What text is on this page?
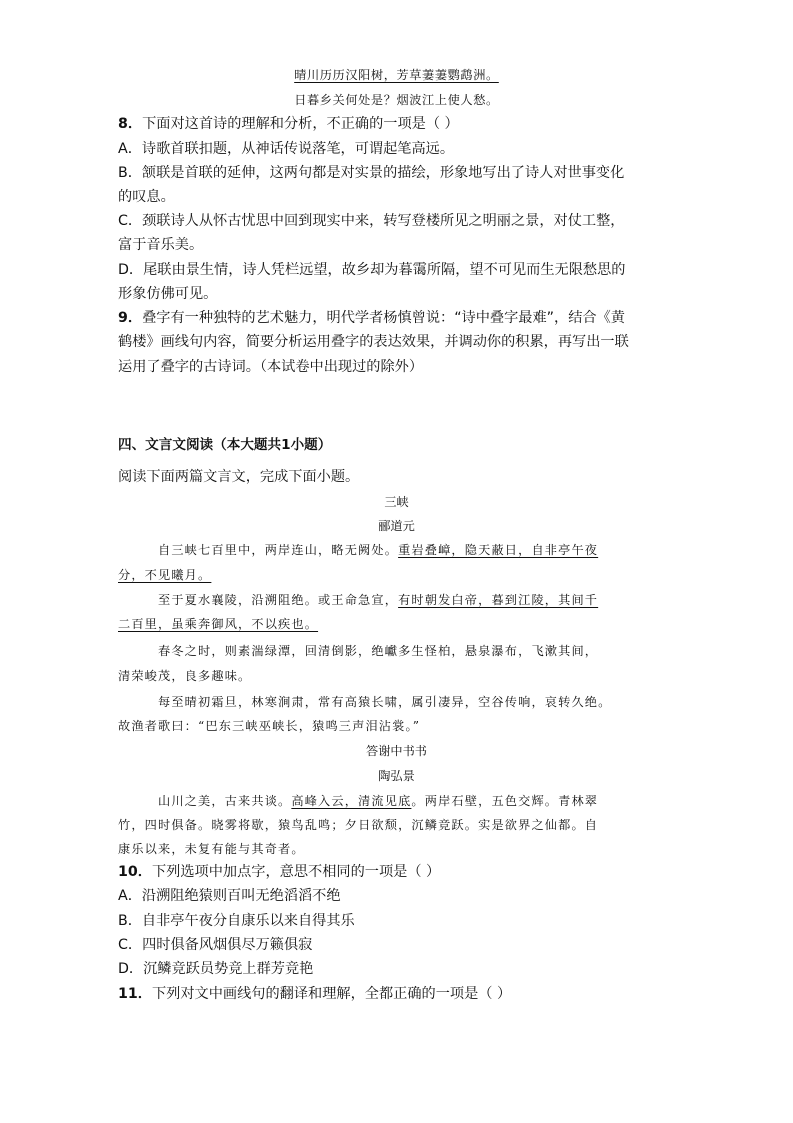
晴川历历汉阳树，芳草萋萋鹦鹉洲。
日暮乡关何处是？烟波江上使人愁。
8．下面对这首诗的理解和分析，不正确的一项是（ ）
A．诗歌首联扣题，从神话传说落笔，可谓起笔高远。
B．颔联是首联的延伸，这两句都是对实景的描绘，形象地写出了诗人对世事变化
的叹息。
C．颈联诗人从怀古忧思中回到现实中来，转写登楼所见之明丽之景，对仗工整，
富于音乐美。
D．尾联由景生情，诗人凭栏远望，故乡却为暮霭所隔，望不可见而生无限愁思的
形象仿佛可见。
9．叠字有一种独特的艺术魅力，明代学者杨慎曾说：“诗中叠字最难”，结合《黄
鹤楼》画线句内容，简要分析运用叠字的表达效果，并调动你的积累，再写出一联
运用了叠字的古诗词。（本试卷中出现过的除外）
四、文言文阅读（本大题共1小题）
阅读下面两篇文言文，完成下面小题。
三峡
郦道元
自三峡七百里中，两岸连山，略无阙处。重岩叠嶂，隐天蔽日，自非亭午夜
分，不见曦月。
至于夏水襄陵，沿溯阻绝。或王命急宣，有时朝发白帝，暮到江陵，其间千
二百里，虽乘奔御风，不以疾也。
春冬之时，则素湍绿潭，回清倒影，绝巘多生怪柏，悬泉瀑布，飞漱其间，
清荣峻茂，良多趣味。
每至晴初霜旦，林寒涧肃，常有高猿长啸，属引凄异，空谷传响，哀转久绝。
故渔者歌曰：“巴东三峡巫峡长，猿鸣三声泪沾裳。”
答谢中书书
陶弘景
山川之美，古来共谈。高峰入云，清流见底。两岸石壁，五色交辉。青林翠
竹，四时俱备。晓雾将歇，猿鸟乱鸣；夕日欲颓，沉鳞竞跃。实是欲界之仙都。自
康乐以来，未复有能与其奇者。
10．下列选项中加点字，意思不相同的一项是（ ）
A．沿溯阻绝猿则百叫无绝滔滔不绝
B．自非亭午夜分自康乐以来自得其乐
C．四时俱备风烟俱尽万籁俱寂
D．沉鳞竞跃员势竞上群芳竞艳
11．下列对文中画线句的翻译和理解，全都正确的一项是（ ）
